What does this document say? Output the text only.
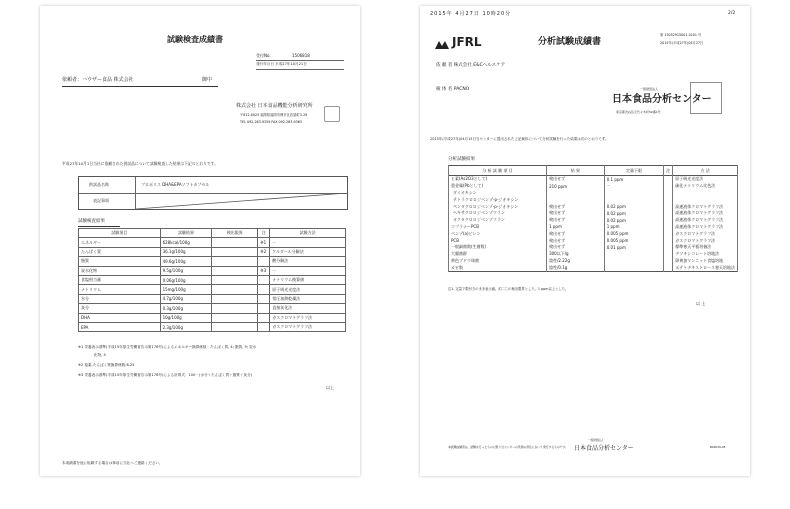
試験検査成績書
受付No.	1506818
発行年月日 平成27年10月21日
依頼者：ハウザー食品 株式会社	御中
株式会社 日本食品機能分析研究所
〒812-0025 福岡県福岡市博多区店屋町3-29
TEL 092-263-9359 FAX 092-263-9363
平成27年10月1日当社に依頼された供試品について試験検査した結果は下記のとおりです。
供試品名称	プロポリス DHA&EPAソフトカプセル
表記事項
試験検査結果
試験項目	試験結果	検出限界	注	試験方法
エネルギー	628kcal/100g		※1	－
たんぱく質	36.1g/100g		※2	ケルダール分解法
脂質	49.6g/100g			酸分解法
炭水化物	9.5g/100g		※3	－
食塩相当量	0.06g/100g			ナトリウム換算値
ナトリウム	15mg/100g			原子吸光光度法
水分	4.7g/100g			常圧加熱乾燥法
灰分	0.3g/100g			直接灰化法
DHA	10g/100g			ガスクロマトグラフ法
EPA	2.3g/100g			ガスクロマトグラフ法
※1 栄養表示基準(平成15年厚生労働省告示第176号)によるエネルギー換算係数：たんぱく質, 4; 脂質, 9; 炭水
化物, 4
※2 窒素-たんぱく質換算係数:6.25
※3 栄養表示基準(平成15年厚生労働省告示第176号)による計算式：100－(水分＋たんぱく質＋脂質＋灰分)
以上
本成績書を他に転載する場合は事前に当社へご連絡ください。
2015年 4月27日 10時20分	2/2
JFRL	分析試験成績書
第 15052915001-0101 号
2015年(平成27年)04月27日
依 頼 者 株式会社 E&Cヘルスケア
検 体 名 PACNO	一般財団法人
日本食品分析センター
東京都渋谷区元代々木町52番1号
2015年(平成27年)04月15日当センターに提出された上記検体について分析試験を行った結果は次のとおりです。
分析試験結果
分 析 試 験 項 目	結 果	定量下限	注	方 法
ヒ素(As2O3として)	検出せず	0.1 ppm		原子吸光光度法
重金属(Pbとして)	210 ppm	－		硫化ナトリウム比色法
ダイオキシン				
テトラクロロジベンゾ-p-ジオキシン				
ペンタクロロジベンゾ-p-ジオキシン	検出せず	0.02 ppm		高速液体クロマトグラフ法
ヘキサクロロジベンゾフラン	検出せず	0.02 ppm		高速液体クロマトグラフ法
オクタクロロジベンゾフラン	検出せず	0.02 ppm		高速液体クロマトグラフ法
コプラナーPCB	1 ppm	1 ppm		高速液体クロマトグラフ法
ベンゾ(a)ピレン	検出せず	0.005 ppm		ガスクロマトグラフ法
PCB	検出せず	0.005 ppm		ガスクロマトグラフ法
一般細菌数(生菌数)	検出せず	0.01 ppm		標準寒天平板培養法
大腸菌群	300以下/g			デソキシコレート培地法
黄色ブドウ球菌	陰性/2.22g			卵黄加マンニット食塩培地
カビ数	陰性/0.1g			ポテトデキストロース寒天培地法
注1. 定量下限付きのまま表示値。約二〇の検出限界とした。1 ppm以上とした。
以 上
本試験成績書は、試験を行ったものに限り当センターの実施の責任において発行するものです。
一般財団法人
日本食品分析センター	B04039-05
